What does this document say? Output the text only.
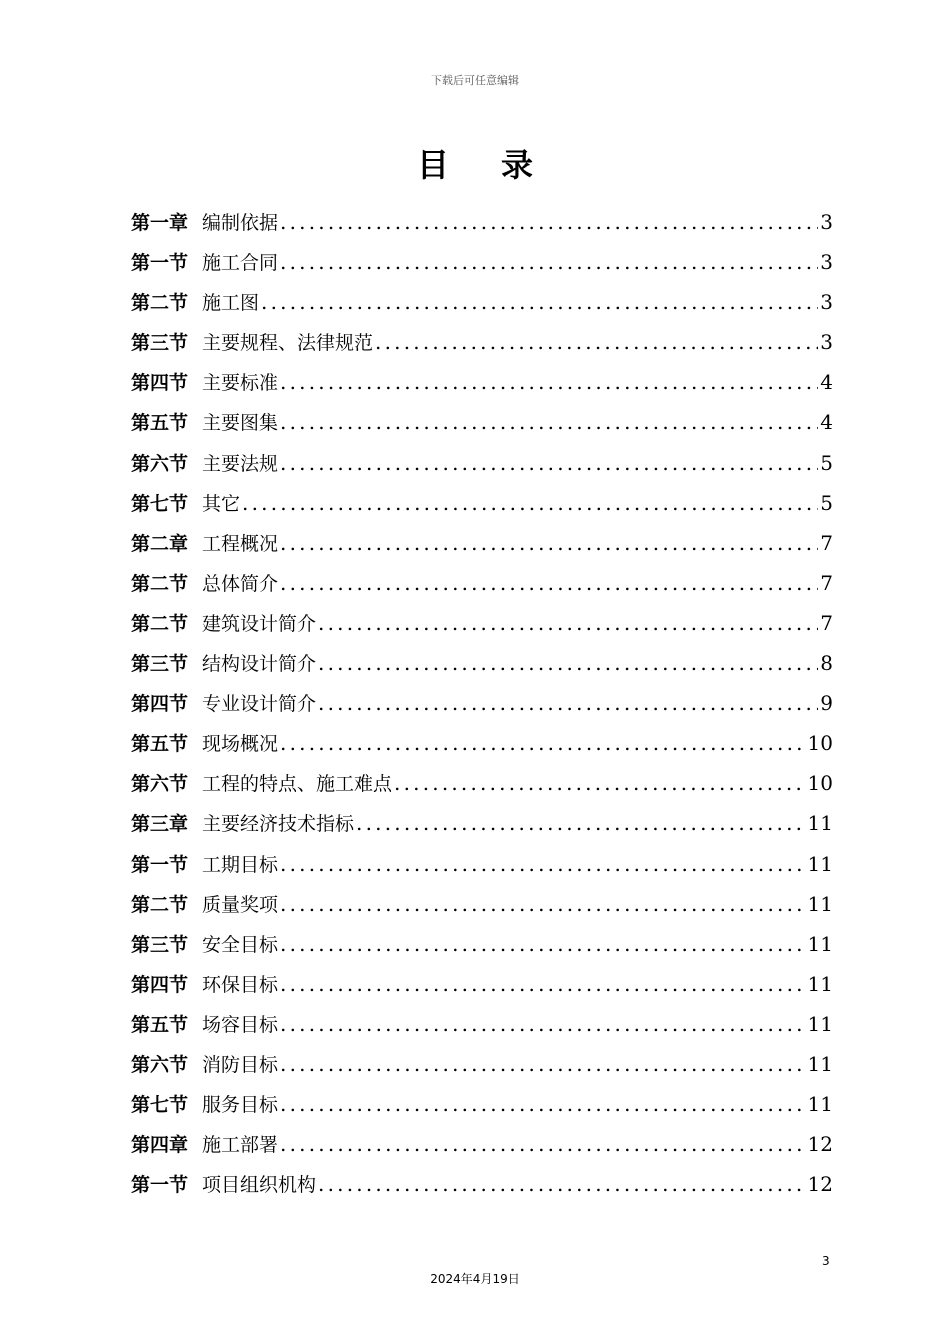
下载后可任意编辑
目录
第一章 编制依据 .....	3
第一节 施工合同 .....	3
第二节 施工图 .....	3
第三节 主要规程、法律规范 .....	3
第四节 主要标准 .....	4
第五节 主要图集 .....	4
第六节 主要法规 .....	5
第七节 其它 .....	5
第二章 工程概况 .....	7
第二节 总体简介 .....	7
第二节 建筑设计简介 .....	7
第三节 结构设计简介 .....	8
第四节 专业设计简介 .....	9
第五节 现场概况 .....	10
第六节 工程的特点、施工难点 .....	10
第三章 主要经济技术指标 .....	11
第一节 工期目标 .....	11
第二节 质量奖项 .....	11
第三节 安全目标 .....	11
第四节 环保目标 .....	11
第五节 场容目标 .....	11
第六节 消防目标 .....	11
第七节 服务目标 .....	11
第四章 施工部署 .....	12
第一节 项目组织机构 .....	12
3
2024年4月19日
